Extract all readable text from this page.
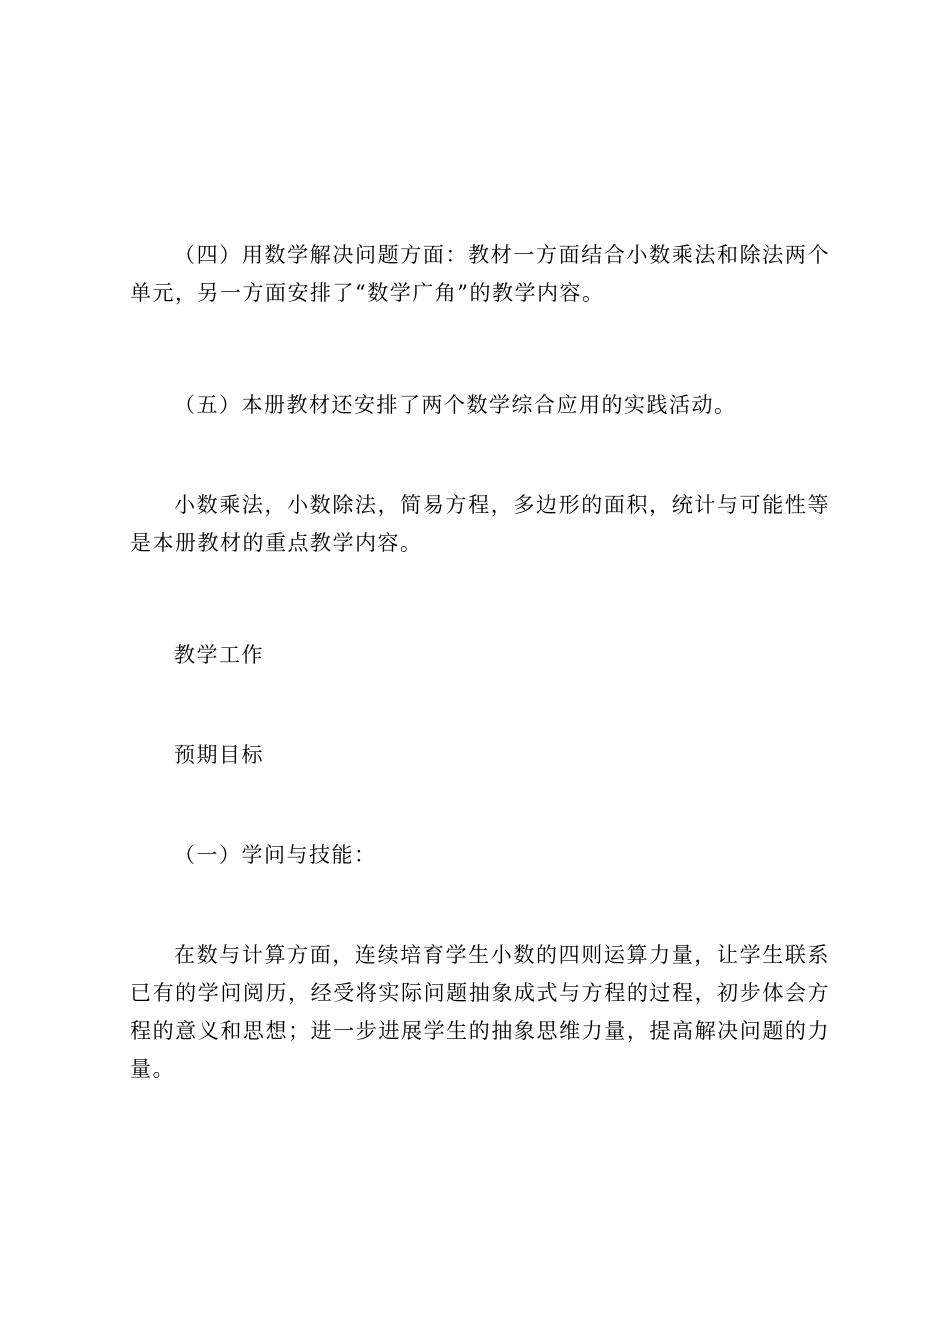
（四）用数学解决问题方面：教材一方面结合小数乘法和除法两个单元，另一方面安排了“数学广角”的教学内容。

（五）本册教材还安排了两个数学综合应用的实践活动。

小数乘法，小数除法，简易方程，多边形的面积，统计与可能性等是本册教材的重点教学内容。

教学工作

预期目标

（一）学问与技能：

在数与计算方面，连续培育学生小数的四则运算力量，让学生联系已有的学问阅历，经受将实际问题抽象成式与方程的过程，初步体会方程的意义和思想；进一步进展学生的抽象思维力量，提高解决问题的力量。
